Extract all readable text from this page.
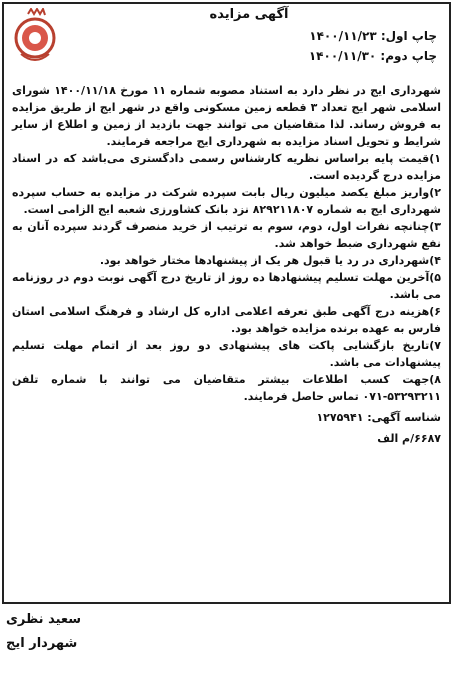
آگهی مزایده
چاپ اول: ۱۴۰۰/۱۱/۲۳
چاپ دوم: ۱۴۰۰/۱۱/۳۰

شهرداری ایج در نظر دارد به استناد مصوبه شماره ۱۱ مورخ ۱۴۰۰/۱۱/۱۸ شورای اسلامی شهر ایج تعداد ۳ قطعه زمین مسکونی واقع در شهر ایج از طریق مزایده به فروش رساند. لذا متقاضیان می توانند جهت بازدید از زمین و اطلاع از سایر شرایط و تحویل اسناد مزایده به شهرداری ایج مراجعه فرمایند.

۱)قیمت پایه براساس نظریه کارشناس رسمی دادگستری می‌باشد که در اسناد مزایده درج گردیده است.

۲)واریز مبلغ یکصد میلیون ریال بابت سپرده شرکت در مزایده به حساب سپرده شهرداری ایج به شماره ۸۲۹۲۱۱۸۰۷ نزد بانک کشاورزی شعبه ایج الزامی است.

۳)چنانچه نفرات اول، دوم، سوم به ترتیب از خرید منصرف گردند سپرده آنان به نفع شهرداری ضبط خواهد شد.

۴)شهرداری در رد یا قبول هر یک از پیشنهادها مختار خواهد بود.

۵)آخرین مهلت تسلیم پیشنهادها ده روز از تاریخ درج آگهی نوبت دوم در روزنامه می باشد.

۶)هزینه درج آگهی طبق تعرفه اعلامی اداره کل ارشاد و فرهنگ اسلامی استان فارس به عهده برنده مزایده خواهد بود.

۷)تاریخ بازگشایی پاکت های پیشنهادی دو روز بعد از اتمام مهلت تسلیم پیشنهادات می باشد.

۸)جهت کسب اطلاعات بیشتر متقاضیان می توانند با شماره تلفن ۵۳۲۹۳۲۱۱-۰۷۱ تماس حاصل فرمایند.

شناسه آگهی: ۱۲۷۵۹۴۱
۶۶۸۷/م الف
سعید نظری
شهردار ایج
